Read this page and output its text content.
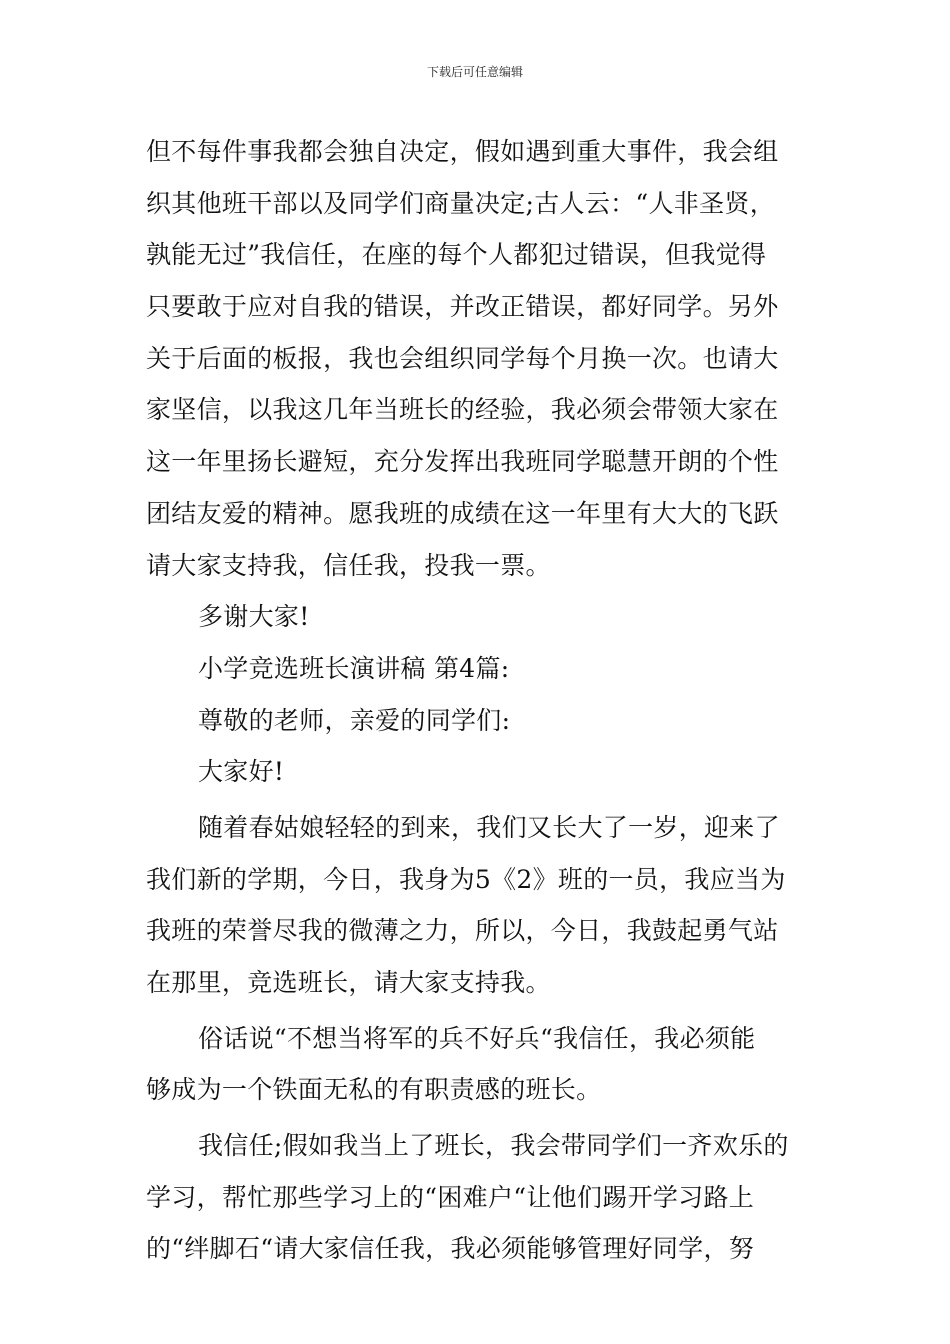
下载后可任意编辑
但不每件事我都会独自决定，假如遇到重大事件，我会组
织其他班干部以及同学们商量决定;古人云：“人非圣贤，
孰能无过”我信任，在座的每个人都犯过错误，但我觉得
只要敢于应对自我的错误，并改正错误，都好同学。另外
关于后面的板报，我也会组织同学每个月换一次。也请大
家坚信，以我这几年当班长的经验，我必须会带领大家在
这一年里扬长避短，充分发挥出我班同学聪慧开朗的个性
团结友爱的精神。愿我班的成绩在这一年里有大大的飞跃
请大家支持我，信任我，投我一票。
多谢大家!
小学竞选班长演讲稿 第4篇:
尊敬的老师，亲爱的同学们:
大家好!
随着春姑娘轻轻的到来，我们又长大了一岁，迎来了
我们新的学期，今日，我身为5《2》班的一员，我应当为
我班的荣誉尽我的微薄之力，所以，今日，我鼓起勇气站
在那里，竞选班长，请大家支持我。
俗话说“不想当将军的兵不好兵“我信任，我必须能
够成为一个铁面无私的有职责感的班长。
我信任;假如我当上了班长，我会带同学们一齐欢乐的
学习，帮忙那些学习上的“困难户“让他们踢开学习路上
的“绊脚石“请大家信任我，我必须能够管理好同学，努
